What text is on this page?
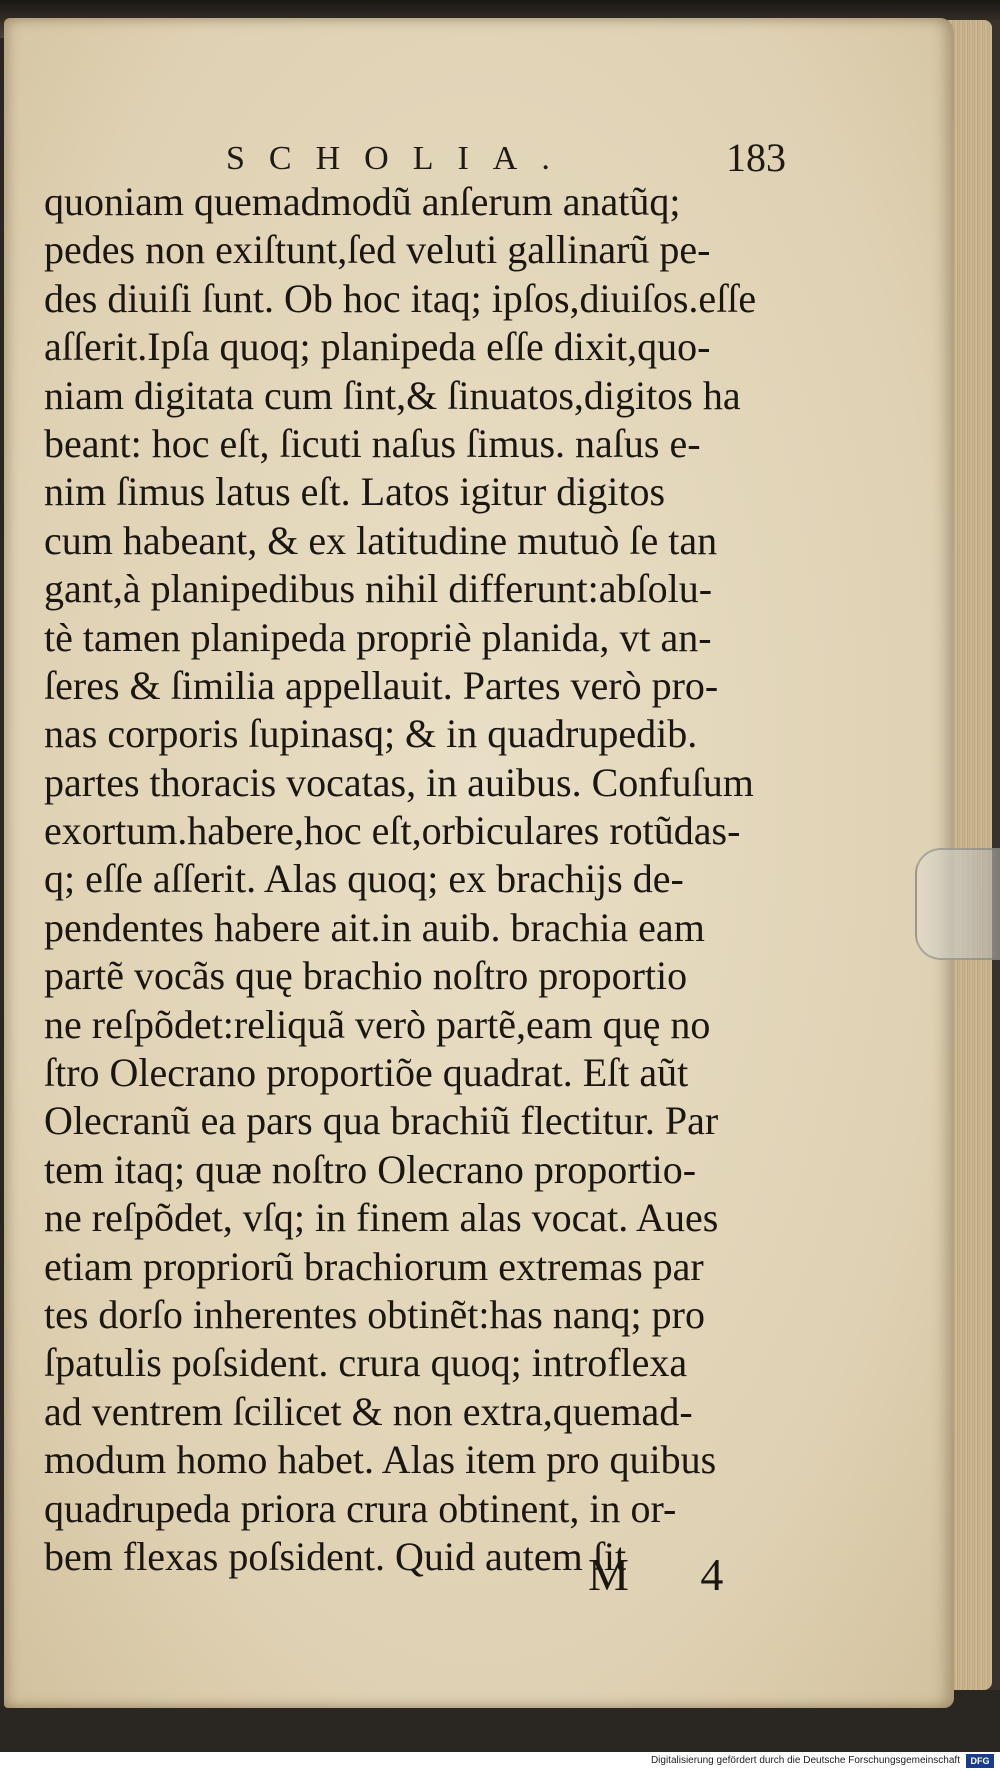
SCHOLIA.	183
quoniam quemadmodũ anſerum anatũq;
pedes non exiſtunt,ſed veluti gallinarũ pe-
des diuiſi ſunt. Ob hoc itaq; ipſos,diuiſos.eſſe
aſſerit.Ipſa quoq; planipeda eſſe dixit,quo-
niam digitata cum ſint,& ſinuatos,digitos ha
beant: hoc eſt, ſicuti naſus ſimus. naſus e-
nim ſimus latus eſt. Latos igitur digitos
cum habeant, & ex latitudine mutuò ſe tan
gant,à planipedibus nihil differunt:abſolu-
tè tamen planipeda propriè planida, vt an-
ſeres & ſimilia appellauit. Partes verò pro-
nas corporis ſupinasq; & in quadrupedib.
partes thoracis vocatas, in auibus. Confuſum
exortum.habere,hoc eſt,orbiculares rotũdas-
q; eſſe aſſerit. Alas quoq; ex brachijs de-
pendentes habere ait.in auib. brachia eam
partẽ vocãs quę brachio noſtro proportio
ne reſpõdet:reliquã verò partẽ,eam quę no
ſtro Olecrano proportiõe quadrat. Eſt aũt
Olecranũ ea pars qua brachiũ flectitur. Par
tem itaq; quæ noſtro Olecrano proportio-
ne reſpõdet, vſq; in finem alas vocat. Aues
etiam propriorũ brachiorum extremas par
tes dorſo inherentes obtinẽt:has nanq; pro
ſpatulis poſsident. crura quoq; introflexa
ad ventrem ſcilicet & non extra,quemad-
modum homo habet. Alas item pro quibus
quadrupeda priora crura obtinent, in or-
bem flexas poſsident. Quid autem ſit
M 4
Digitalisierung gefördert durch die Deutsche Forschungsgemeinschaft	DFG
